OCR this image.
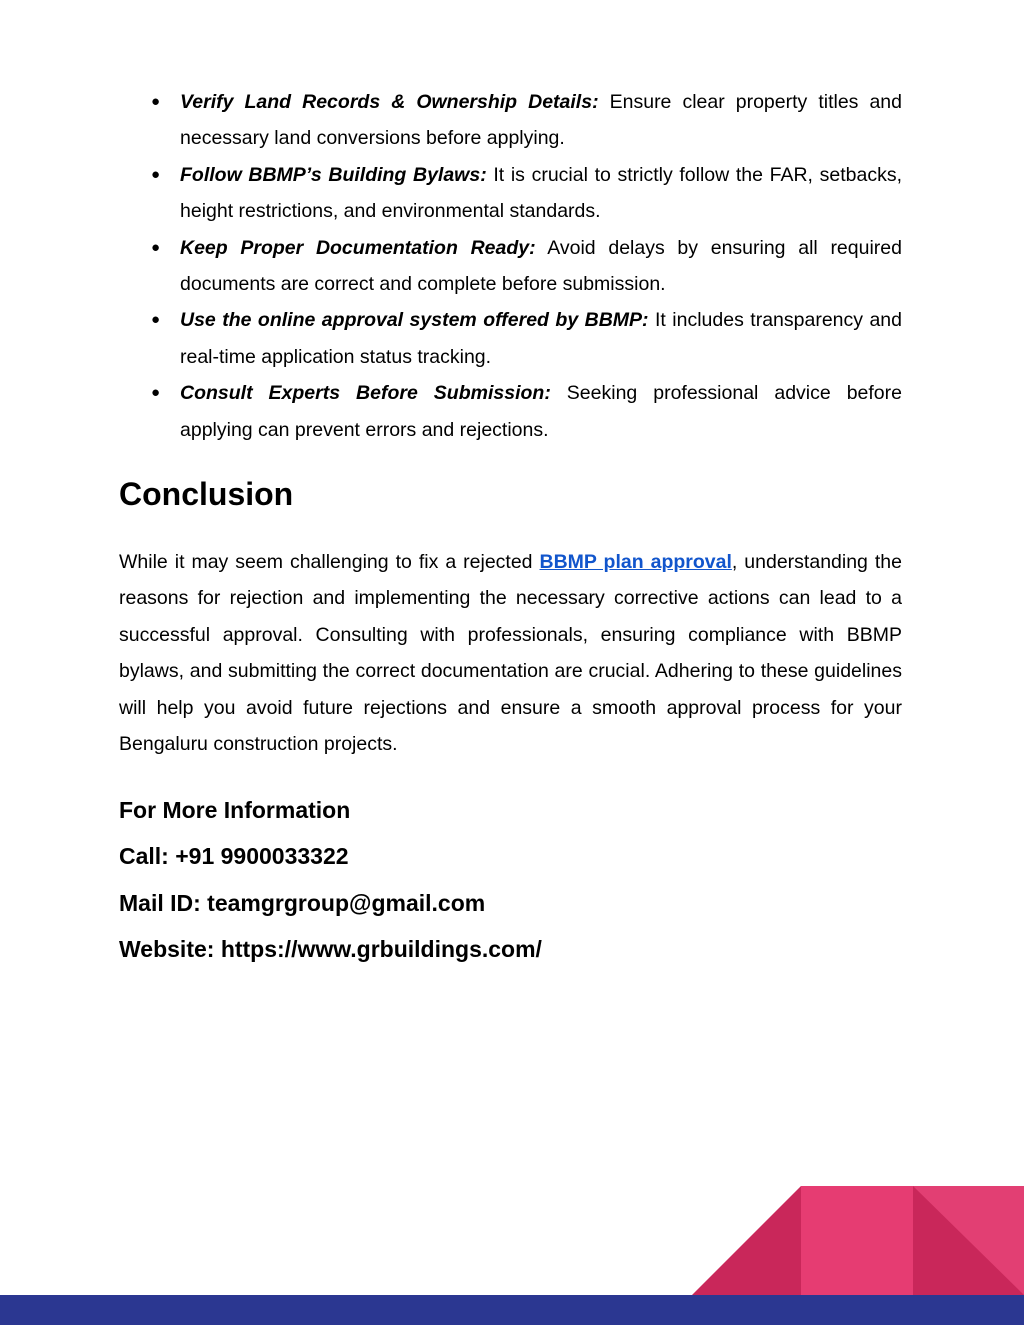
● Verify Land Records & Ownership Details: Ensure clear property titles and necessary land conversions before applying.
● Follow BBMP’s Building Bylaws: It is crucial to strictly follow the FAR, setbacks, height restrictions, and environmental standards.
● Keep Proper Documentation Ready: Avoid delays by ensuring all required documents are correct and complete before submission.
● Use the online approval system offered by BBMP: It includes transparency and real-time application status tracking.
● Consult Experts Before Submission: Seeking professional advice before applying can prevent errors and rejections.
Conclusion

While it may seem challenging to fix a rejected BBMP plan approval, understanding the reasons for rejection and implementing the necessary corrective actions can lead to a successful approval. Consulting with professionals, ensuring compliance with BBMP bylaws, and submitting the correct documentation are crucial. Adhering to these guidelines will help you avoid future rejections and ensure a smooth approval process for your Bengaluru construction projects.

For More Information
Call: +91 9900033322
Mail ID: teamgrgroup@gmail.com
Website: https://www.grbuildings.com/
